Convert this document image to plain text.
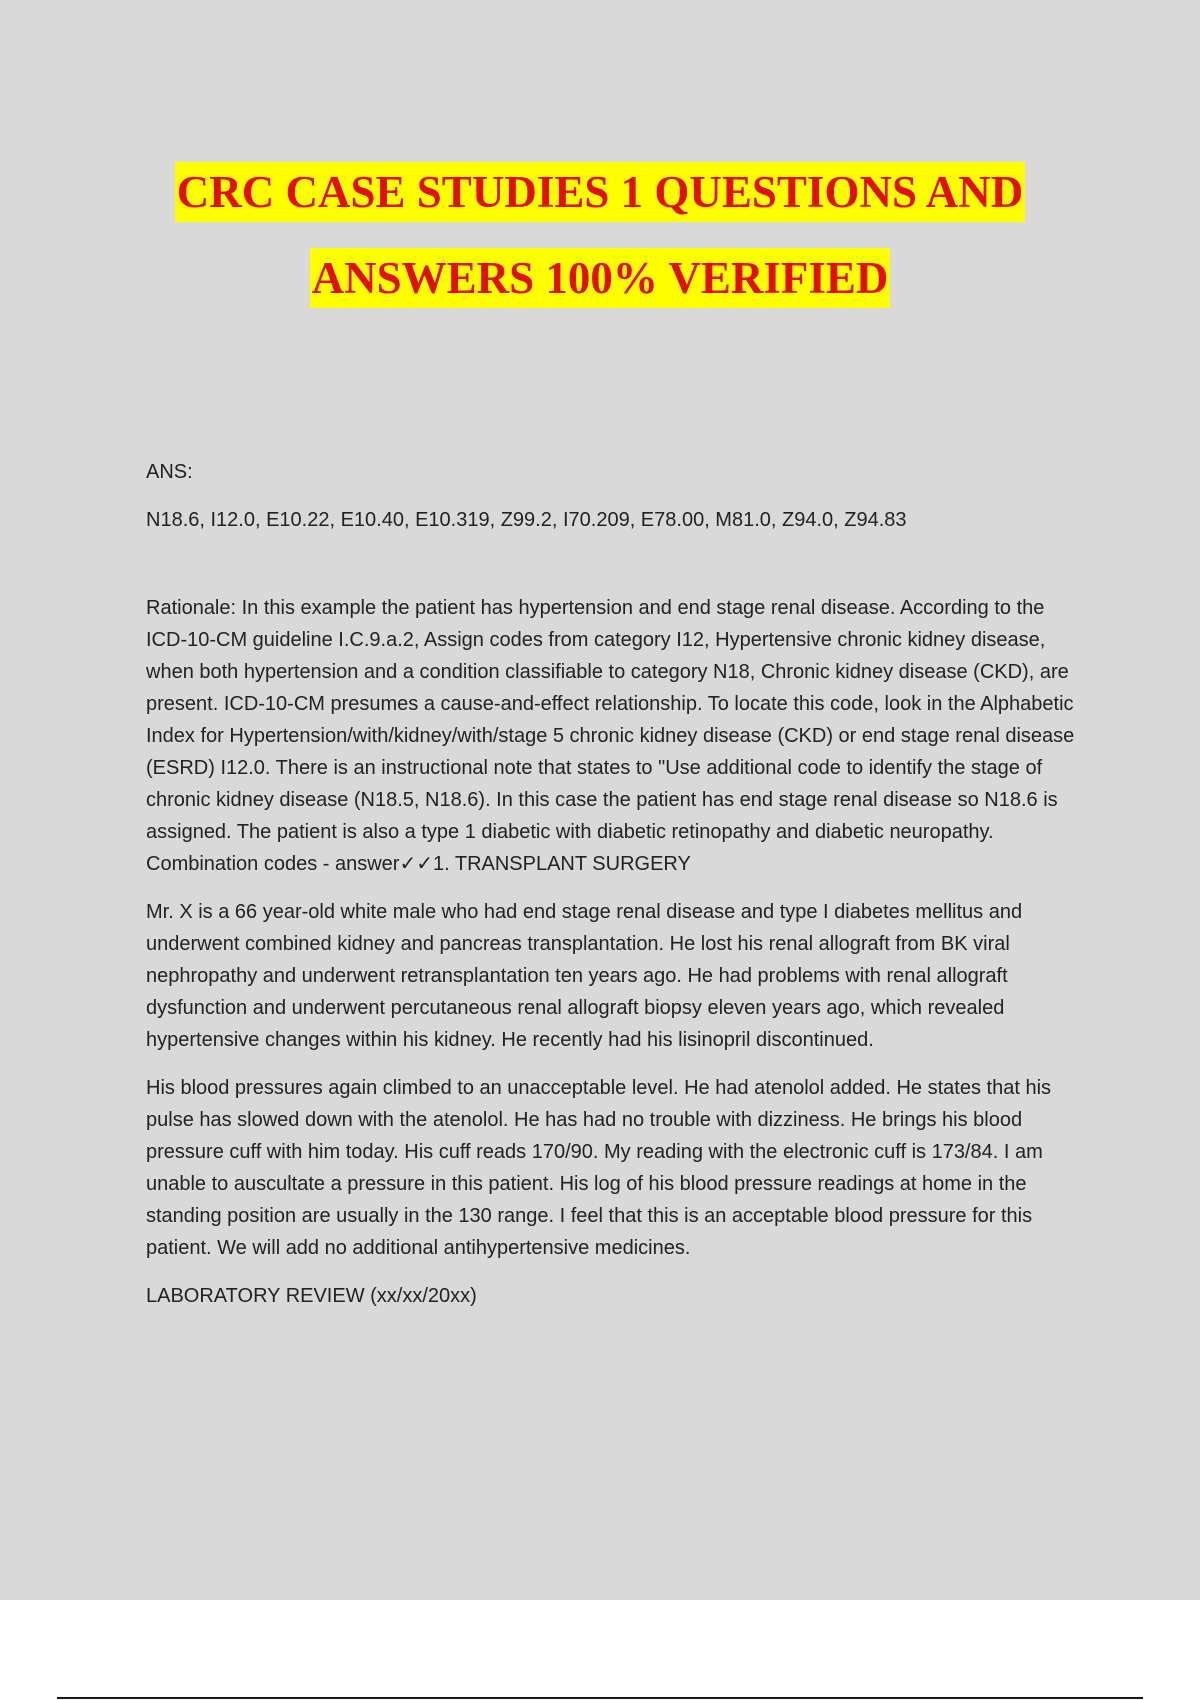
CRC CASE STUDIES 1 QUESTIONS AND
ANSWERS 100% VERIFIED

ANS:

N18.6, I12.0, E10.22, E10.40, E10.319, Z99.2, I70.209, E78.00, M81.0, Z94.0, Z94.83

Rationale: In this example the patient has hypertension and end stage renal disease. According to the ICD-10-CM guideline I.C.9.a.2, Assign codes from category I12, Hypertensive chronic kidney disease, when both hypertension and a condition classifiable to category N18, Chronic kidney disease (CKD), are present. ICD-10-CM presumes a cause-and-effect relationship. To locate this code, look in the Alphabetic Index for Hypertension/with/kidney/with/stage 5 chronic kidney disease (CKD) or end stage renal disease (ESRD) I12.0. There is an instructional note that states to "Use additional code to identify the stage of chronic kidney disease (N18.5, N18.6). In this case the patient has end stage renal disease so N18.6 is assigned. The patient is also a type 1 diabetic with diabetic retinopathy and diabetic neuropathy. Combination codes - answer✓✓1. TRANSPLANT SURGERY

Mr. X is a 66 year-old white male who had end stage renal disease and type I diabetes mellitus and underwent combined kidney and pancreas transplantation. He lost his renal allograft from BK viral nephropathy and underwent retransplantation ten years ago. He had problems with renal allograft dysfunction and underwent percutaneous renal allograft biopsy eleven years ago, which revealed hypertensive changes within his kidney. He recently had his lisinopril discontinued.

His blood pressures again climbed to an unacceptable level. He had atenolol added. He states that his pulse has slowed down with the atenolol. He has had no trouble with dizziness. He brings his blood pressure cuff with him today. His cuff reads 170/90. My reading with the electronic cuff is 173/84. I am unable to auscultate a pressure in this patient. His log of his blood pressure readings at home in the standing position are usually in the 130 range. I feel that this is an acceptable blood pressure for this patient. We will add no additional antihypertensive medicines.

LABORATORY REVIEW (xx/xx/20xx)
